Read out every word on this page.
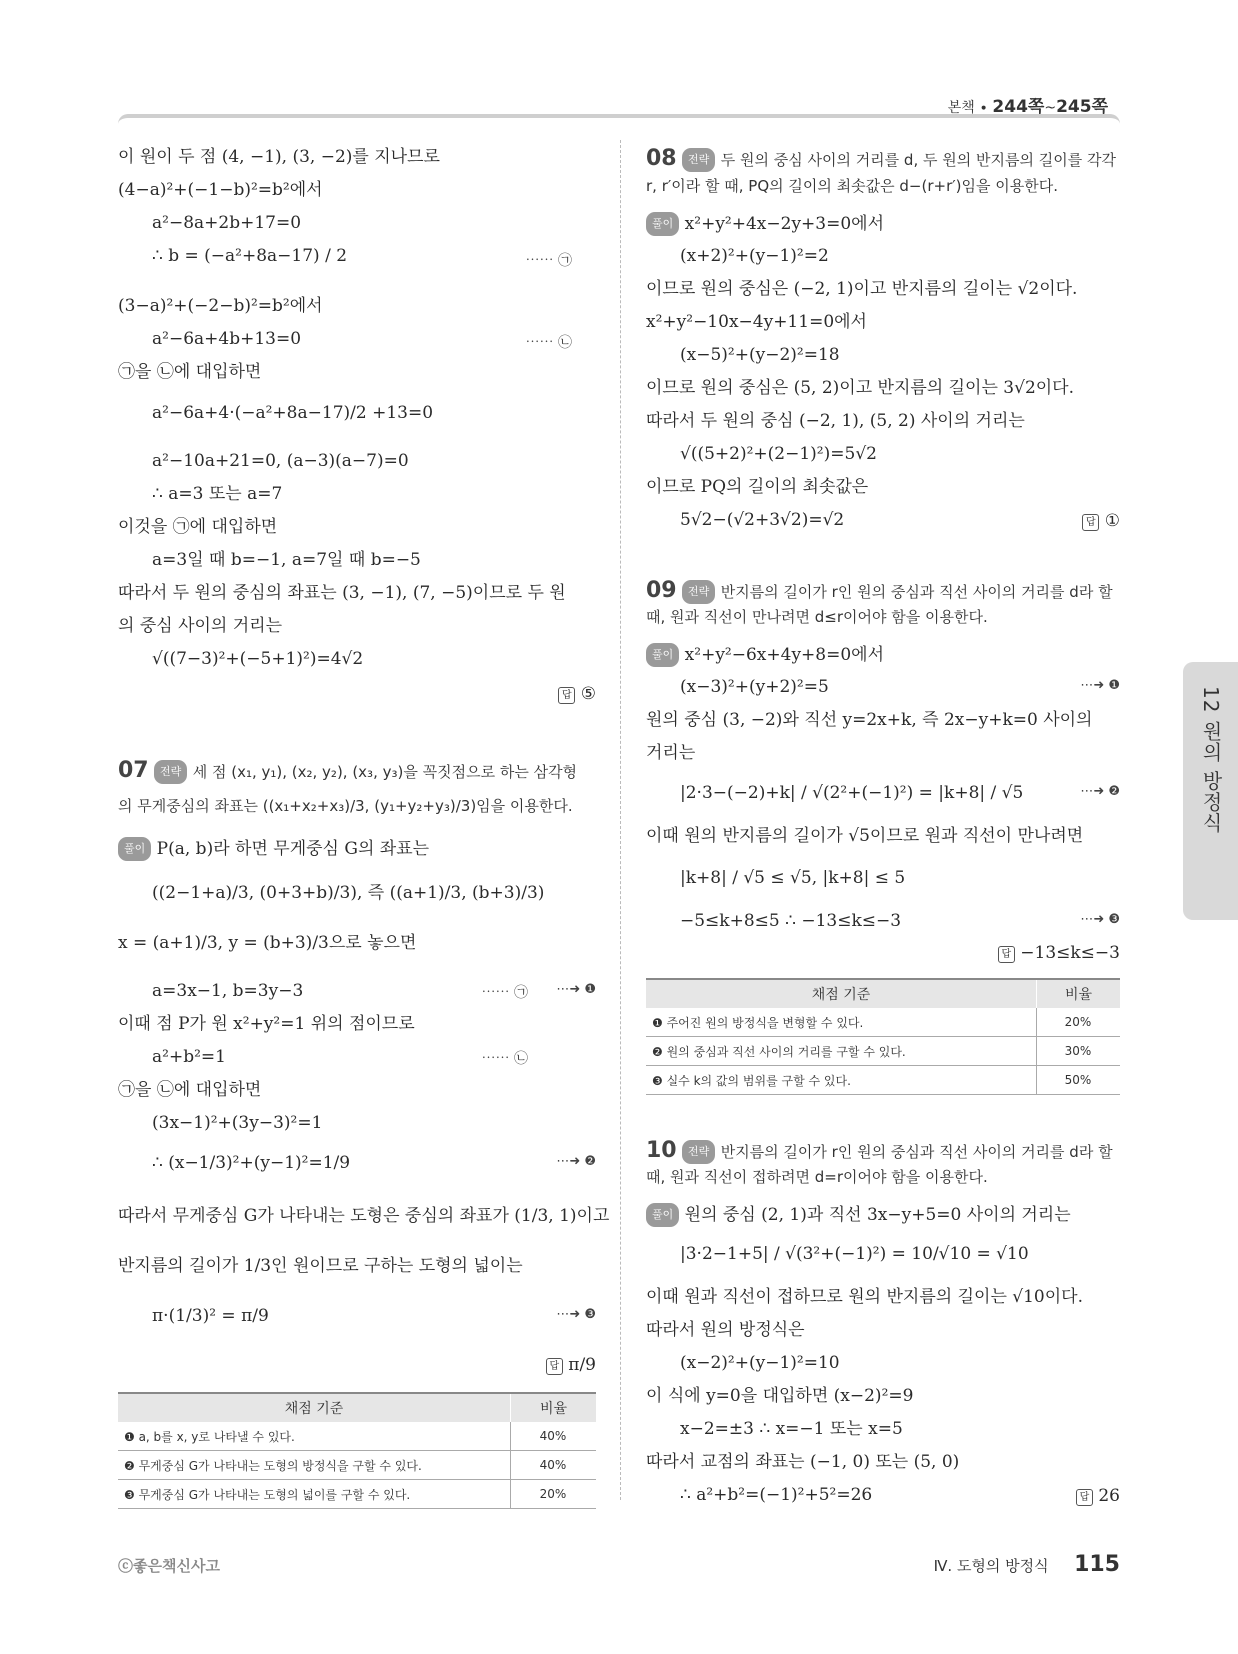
본책 ∙ 244쪽~245쪽
12 원의 방정식
이 원이 두 점 (4, −1), (3, −2)를 지나므로
(4−a)²+(−1−b)²=b²에서
a²−8a+2b+17=0
∴ b = (−a²+8a−17) / 2	⋯⋯ ㉠
(3−a)²+(−2−b)²=b²에서
a²−6a+4b+13=0	⋯⋯ ㉡
㉠을 ㉡에 대입하면
a²−6a+4·(−a²+8a−17)/2 +13=0
a²−10a+21=0, (a−3)(a−7)=0
∴ a=3 또는 a=7
이것을 ㉠에 대입하면
a=3일 때 b=−1, a=7일 때 b=−5
따라서 두 원의 중심의 좌표는 (3, −1), (7, −5)이므로 두 원
의 중심 사이의 거리는
√((7−3)²+(−5+1)²)=4√2
답 ⑤
07 전략 세 점 (x₁, y₁), (x₂, y₂), (x₃, y₃)을 꼭짓점으로 하는 삼각형
의 무게중심의 좌표는 ((x₁+x₂+x₃)/3, (y₁+y₂+y₃)/3)임을 이용한다.
풀이 P(a, b)라 하면 무게중심 G의 좌표는
((2−1+a)/3, (0+3+b)/3), 즉 ((a+1)/3, (b+3)/3)
x = (a+1)/3, y = (b+3)/3으로 놓으면
a=3x−1, b=3y−3	⋯⋯ ㉠ ⋯➜ ❶
이때 점 P가 원 x²+y²=1 위의 점이므로
a²+b²=1	⋯⋯ ㉡
㉠을 ㉡에 대입하면
(3x−1)²+(3y−3)²=1
∴ (x−1/3)²+(y−1)²=1/9	⋯➜ ❷
따라서 무게중심 G가 나타내는 도형은 중심의 좌표가 (1/3, 1)이고
반지름의 길이가 1/3인 원이므로 구하는 도형의 넓이는
π·(1/3)² = π/9	⋯➜ ❸
답 π/9
채점 기준	비율
❶ a, b를 x, y로 나타낼 수 있다.	40%
❷ 무게중심 G가 나타내는 도형의 방정식을 구할 수 있다.	40%
❸ 무게중심 G가 나타내는 도형의 넓이를 구할 수 있다.	20%
08 전략 두 원의 중심 사이의 거리를 d, 두 원의 반지름의 길이를 각각
r, r′이라 할 때, PQ의 길이의 최솟값은 d−(r+r′)임을 이용한다.
풀이 x²+y²+4x−2y+3=0에서
(x+2)²+(y−1)²=2
이므로 원의 중심은 (−2, 1)이고 반지름의 길이는 √2이다.
x²+y²−10x−4y+11=0에서
(x−5)²+(y−2)²=18
이므로 원의 중심은 (5, 2)이고 반지름의 길이는 3√2이다.
따라서 두 원의 중심 (−2, 1), (5, 2) 사이의 거리는
√((5+2)²+(2−1)²)=5√2
이므로 PQ의 길이의 최솟값은
5√2−(√2+3√2)=√2	답 ①
09 전략 반지름의 길이가 r인 원의 중심과 직선 사이의 거리를 d라 할
때, 원과 직선이 만나려면 d≤r이어야 함을 이용한다.
풀이 x²+y²−6x+4y+8=0에서
(x−3)²+(y+2)²=5	⋯➜ ❶
원의 중심 (3, −2)와 직선 y=2x+k, 즉 2x−y+k=0 사이의
거리는
|2·3−(−2)+k| / √(2²+(−1)²) = |k+8| / √5	⋯➜ ❷
이때 원의 반지름의 길이가 √5이므로 원과 직선이 만나려면
|k+8| / √5 ≤ √5, |k+8| ≤ 5
−5≤k+8≤5 ∴ −13≤k≤−3	⋯➜ ❸
답 −13≤k≤−3
채점 기준	비율
❶ 주어진 원의 방정식을 변형할 수 있다.	20%
❷ 원의 중심과 직선 사이의 거리를 구할 수 있다.	30%
❸ 실수 k의 값의 범위를 구할 수 있다.	50%
10 전략 반지름의 길이가 r인 원의 중심과 직선 사이의 거리를 d라 할
때, 원과 직선이 접하려면 d=r이어야 함을 이용한다.
풀이 원의 중심 (2, 1)과 직선 3x−y+5=0 사이의 거리는
|3·2−1+5| / √(3²+(−1)²) = 10/√10 = √10
이때 원과 직선이 접하므로 원의 반지름의 길이는 √10이다.
따라서 원의 방정식은
(x−2)²+(y−1)²=10
이 식에 y=0을 대입하면 (x−2)²=9
x−2=±3 ∴ x=−1 또는 x=5
따라서 교점의 좌표는 (−1, 0) 또는 (5, 0)
∴ a²+b²=(−1)²+5²=26	답 26
ⓒ좋은책신사고	Ⅳ. 도형의 방정식 115
